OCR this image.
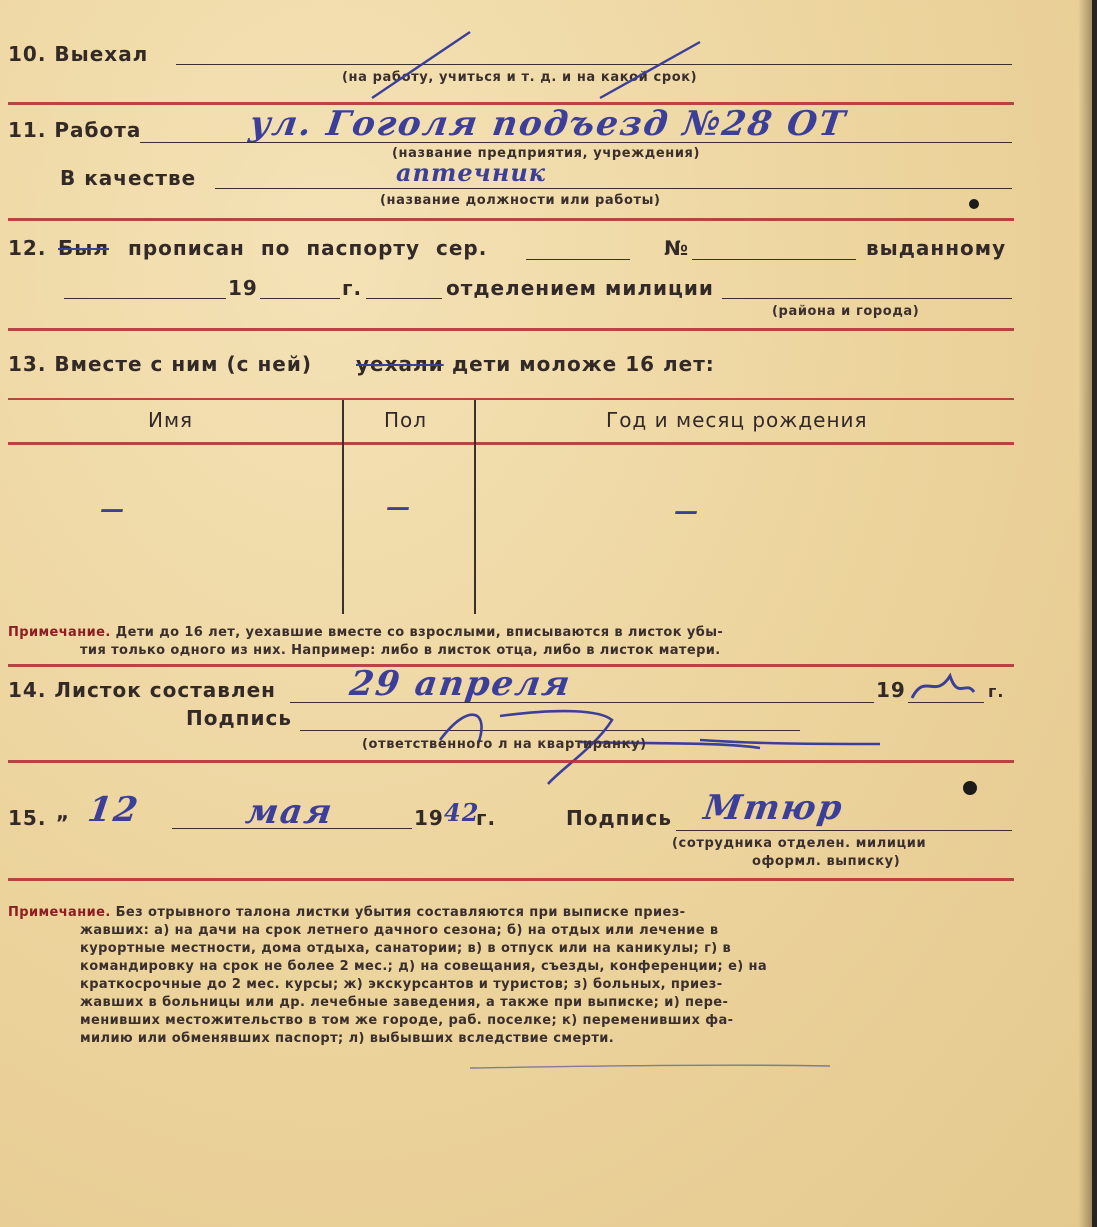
10. Выехал
(на работу, учиться и т. д. и на какой срок)
11. Работа	ул. Гоголя подъезд №28 ОТ
(название предприятия, учреждения)
В качестве	аптечник
(название должности или работы)
12. Был прописан по паспорту сер.	№	выданному
19	г.	отделением милиции
(района и города)
13. Вместе с ним (с ней) уехали дети моложе 16 лет:
Имя	Пол	Год и месяц рождения
—	—	—
Примечание. Дети до 16 лет, уехавшие вместе со взрослыми, вписываются в листок убы-
тия только одного из них. Например: либо в листок отца, либо в листок матери.
14. Листок составлен 29 апреля	19	г.
Подпись
(ответственного л на квартиранку)
15. „ 12	мая	19 42
г.	Подпись Мтюр
(сотрудника отделен. милиции
оформл. выписку)
Примечание. Без отрывного талона листки убытия составляются при выписке приез-
жавших: а) на дачи на срок летнего дачного сезона; б) на отдых или лечение в
курортные местности, дома отдыха, санатории; в) в отпуск или на каникулы; г) в
командировку на срок не более 2 мес.; д) на совещания, съезды, конференции; е) на
краткосрочные до 2 мес. курсы; ж) экскурсантов и туристов; з) больных, приез-
жавших в больницы или др. лечебные заведения, а также при выписке; и) пере-
менивших местожительство в том же городе, раб. поселке; к) переменивших фа-
милию или обменявших паспорт; л) выбывших вследствие смерти.
